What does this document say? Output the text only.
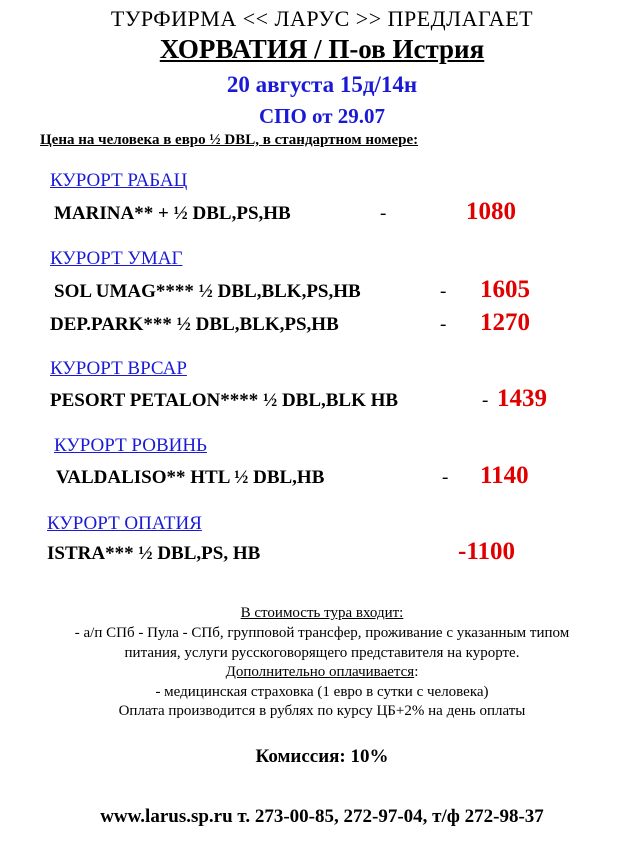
ТУРФИРМА << ЛАРУС >> ПРЕДЛАГАЕТ
ХОРВАТИЯ / П-ов Истрия
20 августа 15д/14н
СПО от 29.07
Цена на человека в евро ½ DBL, в стандартном номере:
КУРОРТ РАБАЦ
MARINA** + ½ DBL,PS,HB	-	1080
КУРОРТ УМАГ
SOL UMAG**** ½ DBL,BLK,PS,HB	- 1605
DEP.PARK*** ½ DBL,BLK,PS,HB	- 1270
КУРОРТ ВРСАР
PESORT PETALON**** ½ DBL,BLK HB	- 1439
КУРОРТ РОВИНЬ
VALDALISO** HTL ½ DBL,HB	- 1140
КУРОРТ ОПАТИЯ
ISTRA*** ½ DBL,PS, HB	-1100
В стоимость тура входит:
- а/п СПб - Пула - СПб, групповой трансфер, проживание с указанным типом
питания, услуги русскоговорящего представителя на курорте.
Дополнительно оплачивается:
- медицинская страховка (1 евро в сутки с человека)
Оплата производится в рублях по курсу ЦБ+2% на день оплаты
Комиссия: 10%
www.larus.sp.ru т. 273-00-85, 272-97-04, т/ф 272-98-37
